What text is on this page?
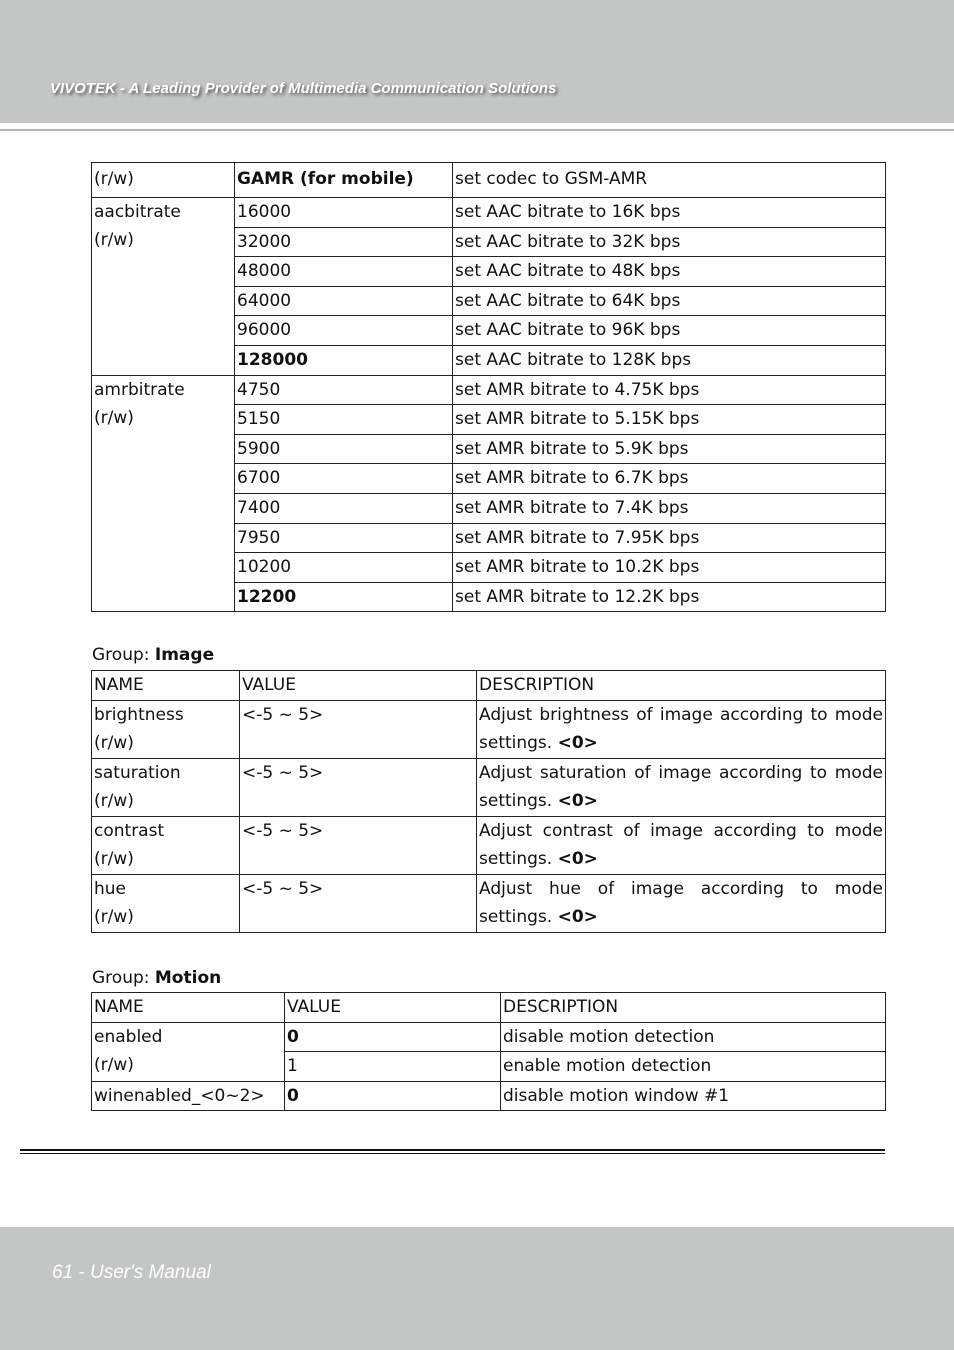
VIVOTEK - A Leading Provider of Multimedia Communication Solutions
(r/w)	GAMR (for mobile)	set codec to GSM-AMR
aacbitrate
(r/w)	16000	set AAC bitrate to 16K bps
	32000	set AAC bitrate to 32K bps
	48000	set AAC bitrate to 48K bps
	64000	set AAC bitrate to 64K bps
	96000	set AAC bitrate to 96K bps
	128000	set AAC bitrate to 128K bps
amrbitrate
(r/w)	4750	set AMR bitrate to 4.75K bps
	5150	set AMR bitrate to 5.15K bps
	5900	set AMR bitrate to 5.9K bps
	6700	set AMR bitrate to 6.7K bps
	7400	set AMR bitrate to 7.4K bps
	7950	set AMR bitrate to 7.95K bps
	10200	set AMR bitrate to 10.2K bps
	12200	set AMR bitrate to 12.2K bps
Group: Image
NAME	VALUE	DESCRIPTION
brightness
(r/w)	<-5 ~ 5>	Adjust brightness of image according to mode settings. <0>
saturation
(r/w)	<-5 ~ 5>	Adjust saturation of image according to mode settings. <0>
contrast
(r/w)	<-5 ~ 5>	Adjust contrast of image according to mode settings. <0>
hue
(r/w)	<-5 ~ 5>	Adjust hue of image according to mode settings. <0>
Group: Motion
NAME	VALUE	DESCRIPTION
enabled
(r/w)	0	disable motion detection
	1	enable motion detection
winenabled_<0~2>	0	disable motion window #1
61 - User's Manual
